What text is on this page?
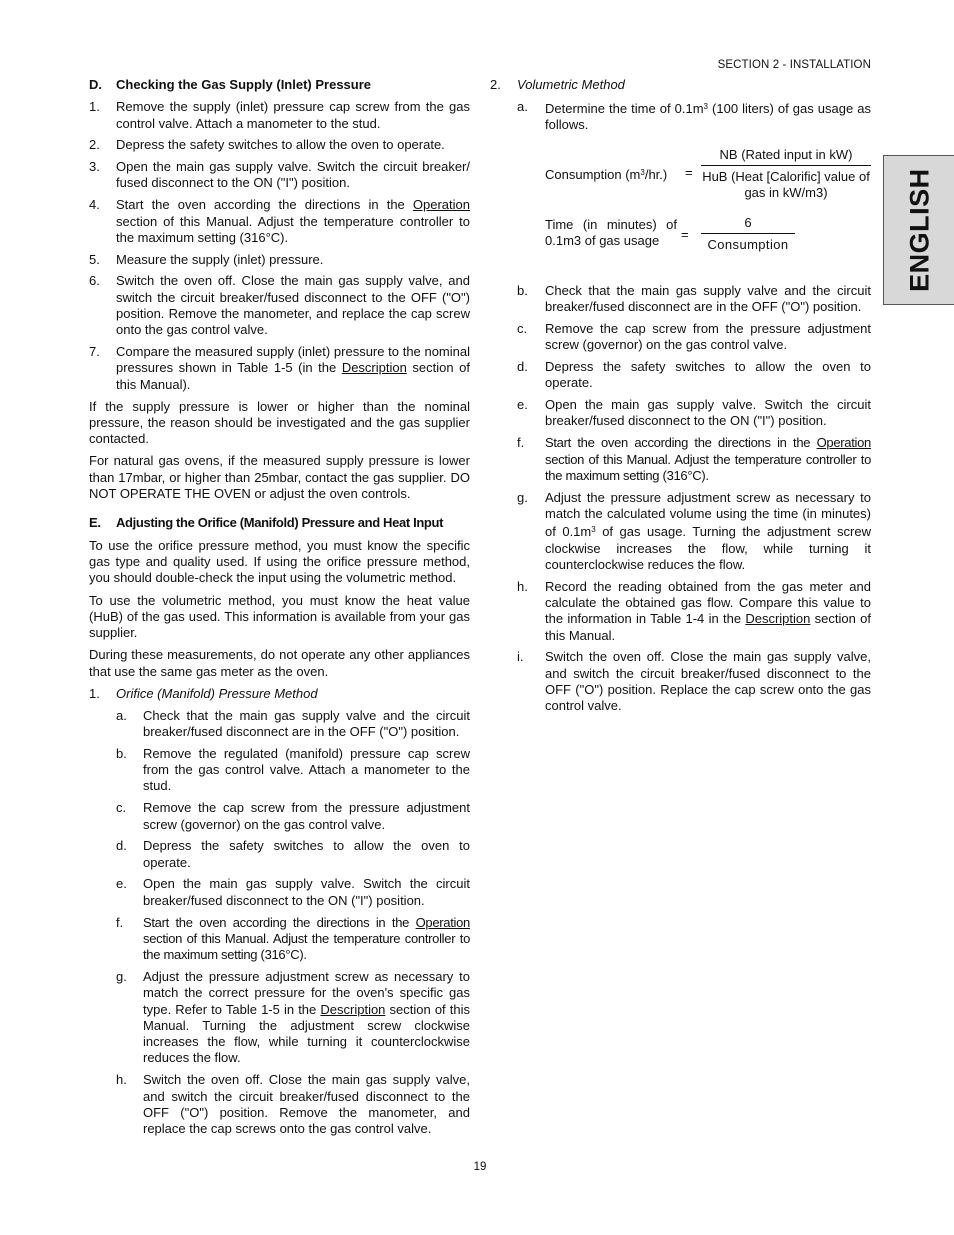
SECTION 2 - INSTALLATION
ENGLISH
D.	Checking the Gas Supply (Inlet) Pressure
1.	Remove the supply (inlet) pressure cap screw from the gas control valve. Attach a manometer to the stud.
2.	Depress the safety switches to allow the oven to operate.
3.	Open the main gas supply valve. Switch the circuit breaker/ fused disconnect to the ON ("I") position.
4.	Start the oven according the directions in the Operation section of this Manual. Adjust the temperature controller to the maximum setting (316°C).
5.	Measure the supply (inlet) pressure.
6.	Switch the oven off. Close the main gas supply valve, and switch the circuit breaker/fused disconnect to the OFF ("O") position. Remove the manometer, and replace the cap screw onto the gas control valve.
7.	Compare the measured supply (inlet) pressure to the nominal pressures shown in Table 1-5 (in the Description section of this Manual).

If the supply pressure is lower or higher than the nominal pressure, the reason should be investigated and the gas supplier contacted.

For natural gas ovens, if the measured supply pressure is lower than 17mbar, or higher than 25mbar, contact the gas supplier. DO NOT OPERATE THE OVEN or adjust the oven controls.

E.	Adjusting the Orifice (Manifold) Pressure and Heat Input

To use the orifice pressure method, you must know the specific gas type and quality used. If using the orifice pressure method, you should double-check the input using the volumetric method.

To use the volumetric method, you must know the heat value (HuB) of the gas used. This information is available from your gas supplier.

During these measurements, do not operate any other appliances that use the same gas meter as the oven.

1.	Orifice (Manifold) Pressure Method
a.	Check that the main gas supply valve and the circuit breaker/fused disconnect are in the OFF ("O") position.
b.	Remove the regulated (manifold) pressure cap screw from the gas control valve. Attach a manometer to the stud.
c.	Remove the cap screw from the pressure adjustment screw (governor) on the gas control valve.
d.	Depress the safety switches to allow the oven to operate.
e.	Open the main gas supply valve. Switch the circuit breaker/fused disconnect to the ON ("I") position.
f.	Start the oven according the directions in the Operation section of this Manual. Adjust the temperature controller to the maximum setting (316°C).
g.	Adjust the pressure adjustment screw as necessary to match the correct pressure for the oven's specific gas type. Refer to Table 1-5 in the Description section of this Manual. Turning the adjustment screw clockwise increases the flow, while turning it counterclockwise reduces the flow.
h.	Switch the oven off. Close the main gas supply valve, and switch the circuit breaker/fused disconnect to the OFF ("O") position. Remove the manometer, and replace the cap screws onto the gas control valve.
2.	Volumetric Method
a.	Determine the time of $0.1m^3$ (100 liters) of gas usage as follows.
Consumption $(m^3/hr.)$ =
NB (Rated input in kW)
HuB (Heat [Calorific] value of gas in kW/m3)
Time (in minutes) of 0.1m3 of gas usage	=
6
Consumption
b.	Check that the main gas supply valve and the circuit breaker/fused disconnect are in the OFF ("O") position.
c.	Remove the cap screw from the pressure adjustment screw (governor) on the gas control valve.
d.	Depress the safety switches to allow the oven to operate.
e.	Open the main gas supply valve. Switch the circuit breaker/fused disconnect to the ON ("I") position.
f.	Start the oven according the directions in the Operation section of this Manual. Adjust the temperature controller to the maximum setting (316°C).
g.	Adjust the pressure adjustment screw as necessary to match the calculated volume using the time (in minutes) of $0.1m^3$ of gas usage. Turning the adjustment screw clockwise increases the flow, while turning it counterclockwise reduces the flow.
h.	Record the reading obtained from the gas meter and calculate the obtained gas flow. Compare this value to the information in Table 1-4 in the Description section of this Manual.
i.	Switch the oven off. Close the main gas supply valve, and switch the circuit breaker/fused disconnect to the OFF ("O") position. Replace the cap screw onto the gas control valve.
19
